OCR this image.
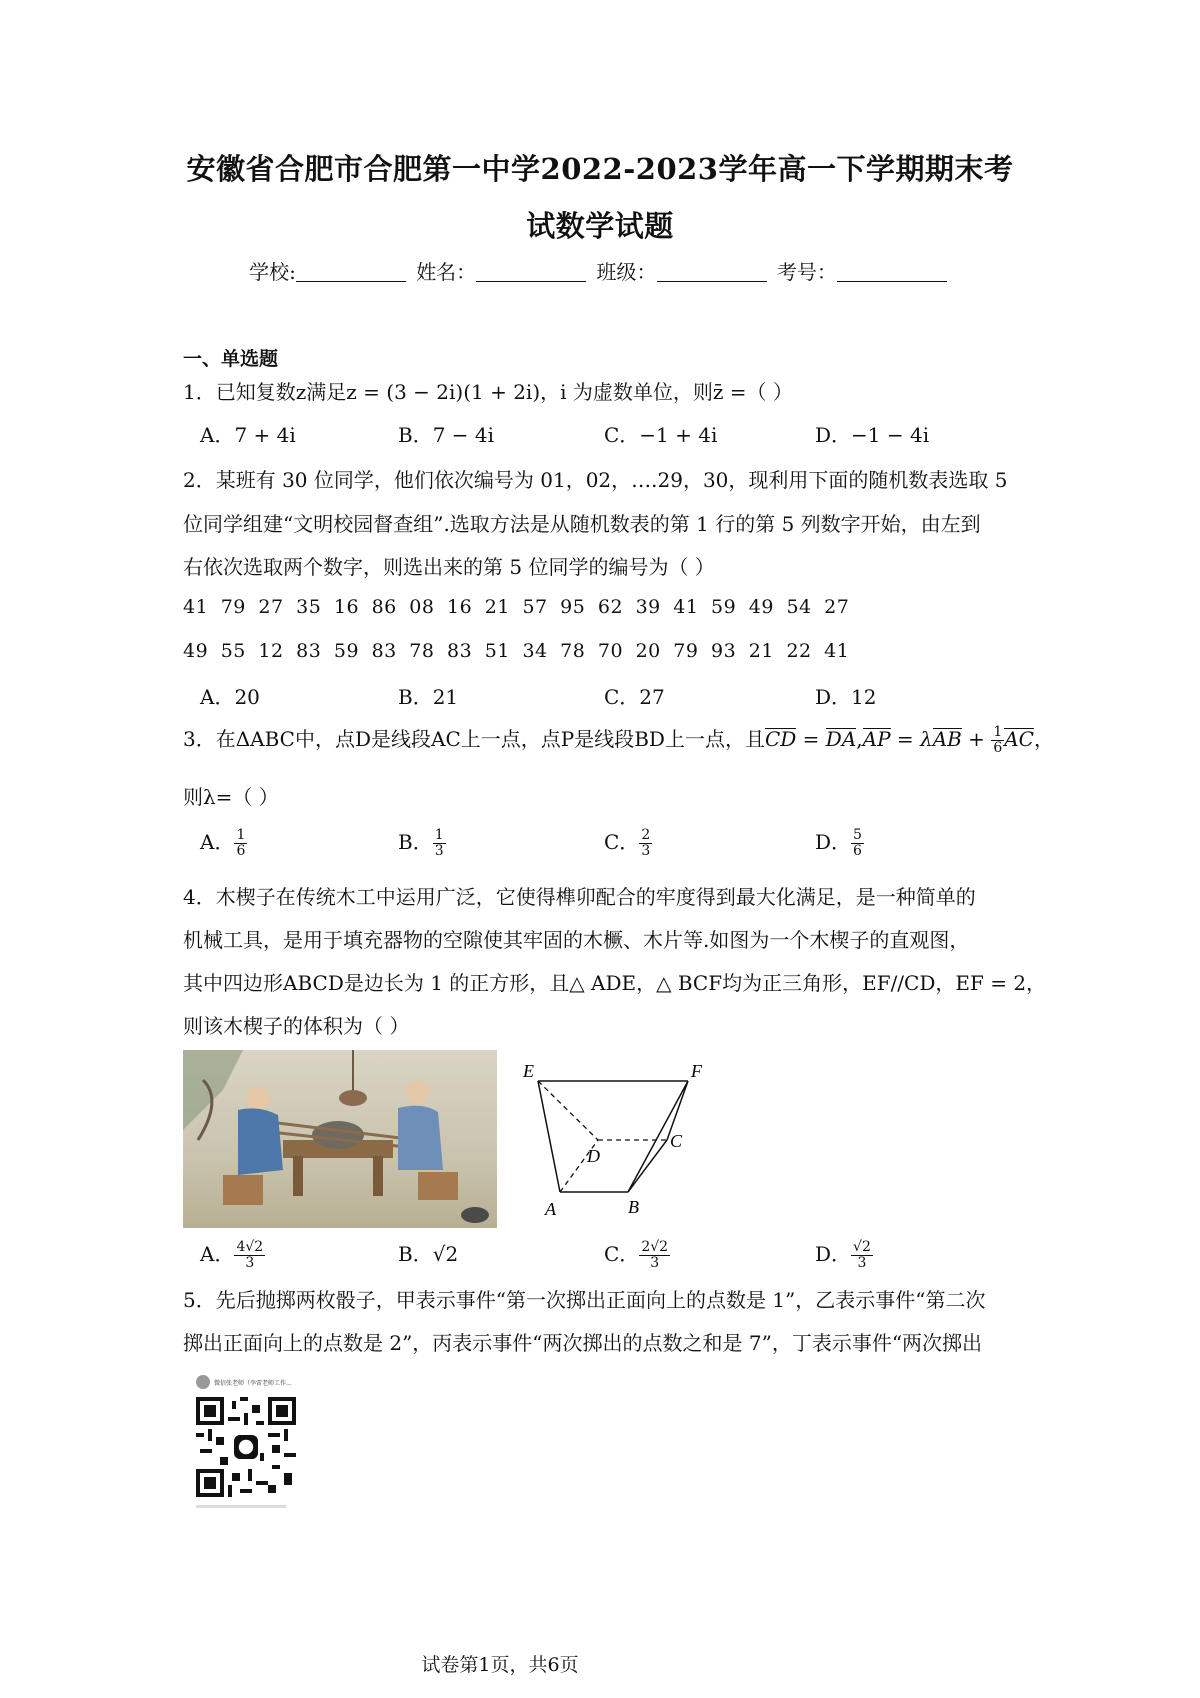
安徽省合肥市合肥第一中学2022-2023学年高一下学期期末考
试数学试题
学校:	姓名：	班级：	考号：
一、单选题
1．已知复数z满足z = (3 − 2i)(1 + 2i)，i 为虚数单位，则z̄ =（ ）
A．7 + 4i	B．7 − 4i	C．−1 + 4i	D．−1 − 4i
2．某班有 30 位同学，他们依次编号为 01，02，….29，30，现利用下面的随机数表选取 5
位同学组建“文明校园督查组”.选取方法是从随机数表的第 1 行的第 5 列数字开始，由左到
右依次选取两个数字，则选出来的第 5 位同学的编号为（ ）
41 79 27 35 16 86 08 16 21 57 95 62 39 41 59 49 54 27
49 55 12 83 59 83 78 83 51 34 78 70 20 79 93 21 22 41
A．20	B．21	C．27	D．12
3．在ΔABC中，点D是线段AC上一点，点P是线段BD上一点，且CD = $DA,AP = \lambda AB + \frac{1}{6}$ AC，
则λ=（ ）
A． $\frac{1}{6}$	B． $\frac{1}{3}$	C． $\frac{2}{3}$	D． $\frac{5}{6}$
4．木楔子在传统木工中运用广泛，它使得榫卯配合的牢度得到最大化满足，是一种简单的
机械工具，是用于填充器物的空隙使其牢固的木橛、木片等.如图为一个木楔子的直观图，
其中四边形ABCD是边长为 1 的正方形，且△ ADE，△ BCF均为正三角形，EF//CD，EF = 2，
则该木楔子的体积为（ ）
E	F
D
C
A	B
A． $\frac{4√2}{3}$	B．√2	C． $\frac{2√2}{3}$	D． $\frac{√2}{3}$
5．先后抛掷两枚骰子，甲表示事件“第一次掷出正面向上的点数是 1”，乙表示事件“第二次
掷出正面向上的点数是 2”，丙表示事件“两次掷出的点数之和是 7”，丁表示事件“两次掷出
微信张老师（李雷老师工作...
试卷第1页，共6页
